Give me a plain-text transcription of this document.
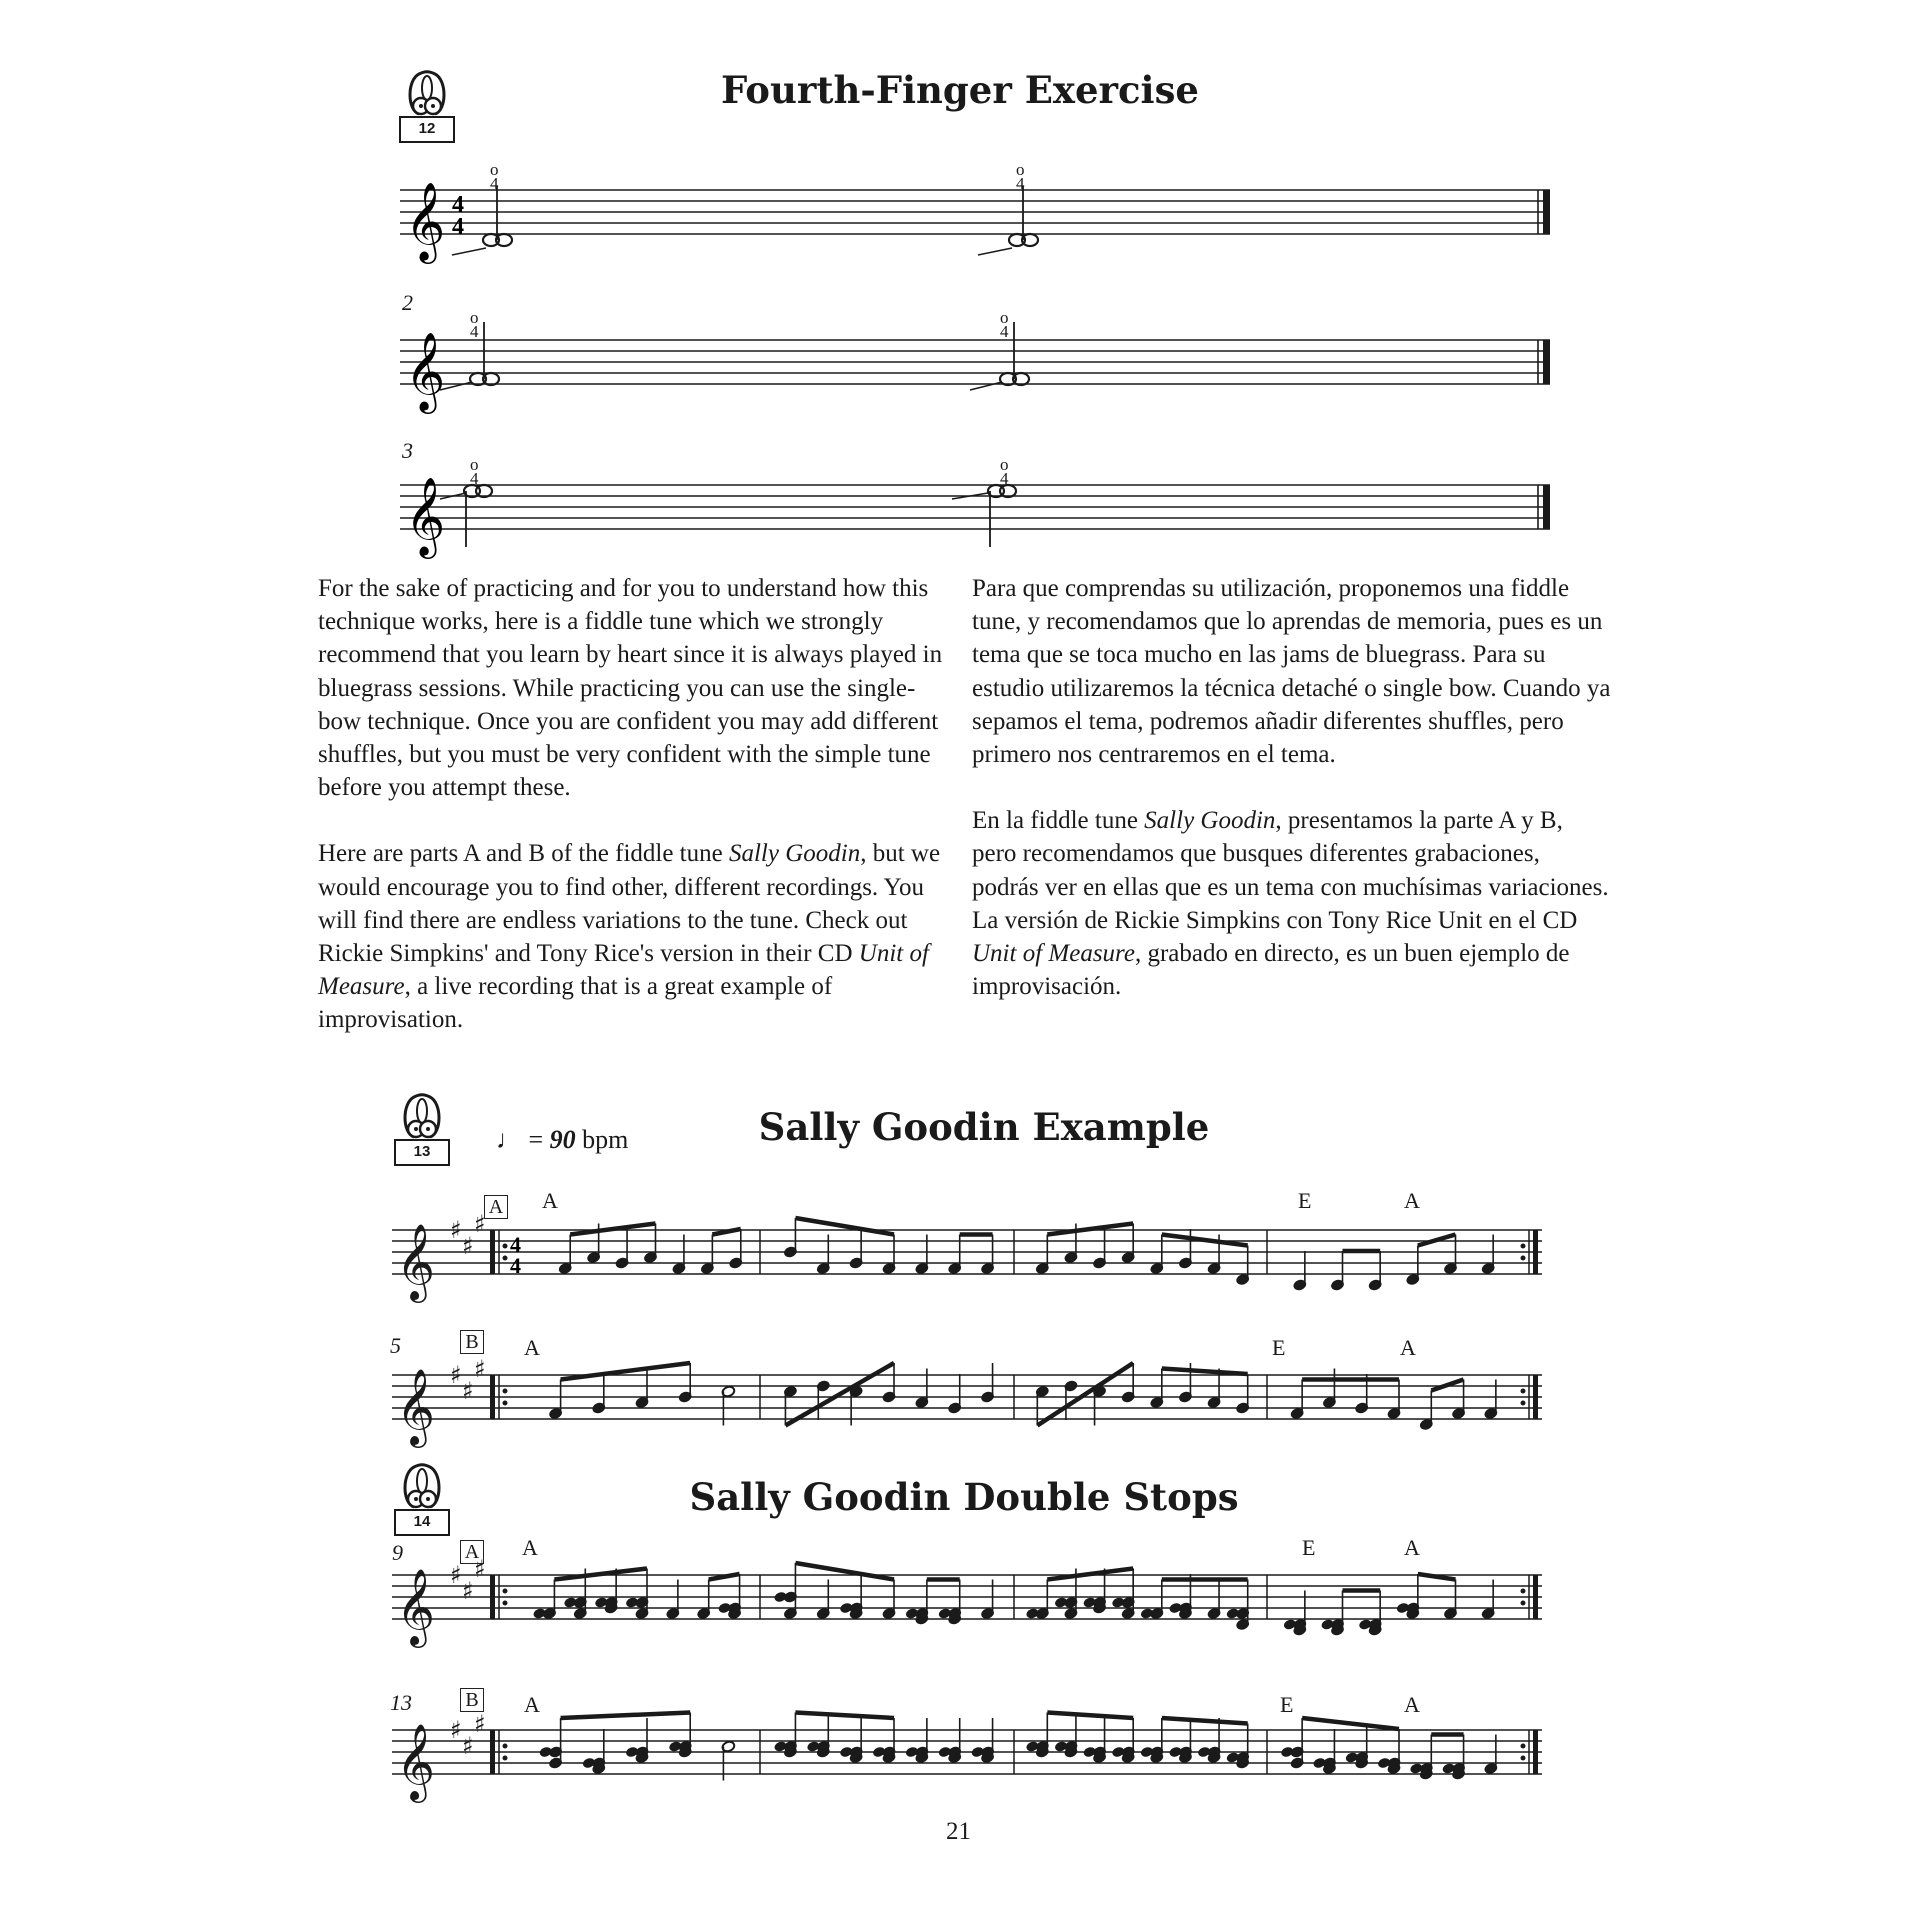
12
Fourth-Finger Exercise
𝄞 4
4
o
4
o
4
2
𝄞
o
4
o
4
3
𝄞
o
4
o
4

For the sake of practicing and for you to understand how this technique works, here is a fiddle tune which we strongly recommend that you learn by heart since it is always played in bluegrass sessions. While practicing you can use the single-bow technique. Once you are confident you may add different shuffles, but you must be very confident with the simple tune before you attempt these.

Here are parts A and B of the fiddle tune Sally Goodin, but we would encourage you to find other, different recordings. You will find there are endless variations to the tune. Check out Rickie Simpkins' and Tony Rice's version in their CD Unit of Measure, a live recording that is a great example of improvisation.

Para que comprendas su utilización, proponemos una fiddle tune, y recomendamos que lo aprendas de memoria, pues es un tema que se toca mucho en las jams de bluegrass. Para su estudio utilizaremos la técnica detaché o single bow. Cuando ya sepamos el tema, podremos añadir diferentes shuffles, pero primero nos centraremos en el tema.

En la fiddle tune Sally Goodin, presentamos la parte A y B, pero recomendamos que busques diferentes grabaciones, podrás ver en ellas que es un tema con muchísimas variaciones. La versión de Rickie Simpkins con Tony Rice Unit en el CD Unit of Measure, grabado en directo, es un buen ejemplo de improvisación.

13	♩ = 90 bpm	Sally Goodin Example
A A	E	A
𝄞 ♯
♯
♯
4
4
5	B A	E	A
𝄞 ♯
♯
♯
14
Sally Goodin Double Stops
9	A A	E	A
𝄞 ♯
♯
♯
13	B A	E	A
𝄞 ♯
♯
♯
21
